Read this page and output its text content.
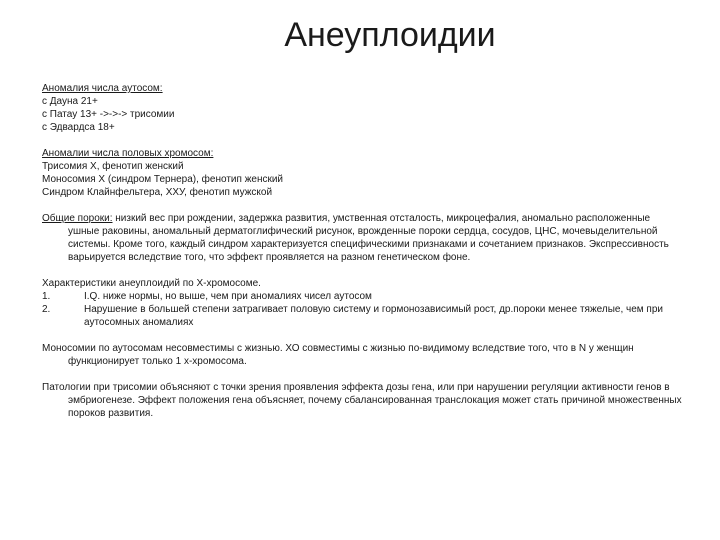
Анеуплоидии
Аномалия числа аутосом:
с Дауна 21+
с Патау 13+ ->->-> трисомии
с Эдвардса 18+
Аномалии числа половых хромосом:
Трисомия Х, фенотип женский
Моносомия Х (синдром Тернера), фенотип женский
Синдром Клайнфельтера, ХХУ, фенотип мужской
Общие пороки: низкий вес при рождении, задержка развития, умственная отсталость, микроцефалия, аномально расположенные ушные раковины, аномальный дерматоглифический рисунок, врожденные пороки сердца, сосудов, ЦНС, мочевыделительной системы. Кроме того, каждый синдром характеризуется специфическими признаками и сочетанием признаков. Экспрессивность варьируется вследствие того, что эффект проявляется на разном генетическом фоне.
Характеристики анеуплоидий по Х-хромосоме.
1.	I.Q. ниже нормы, но выше, чем при аномалиях чисел аутосом
2.	Нарушение в большей степени затрагивает половую систему и гормонозависимый рост, др.пороки менее тяжелые, чем при аутосомных аномалиях
Моносомии по аутосомам несовместимы с жизнью. ХО совместимы с жизнью по-видимому вследствие того, что в N у женщин функционирует только 1 х-хромосома.
Патологии при трисомии объясняют с точки зрения проявления эффекта дозы гена, или при нарушении регуляции активности генов в эмбриогенезе. Эффект положения гена объясняет, почему сбалансированная транслокация может стать причиной множественных пороков развития.
